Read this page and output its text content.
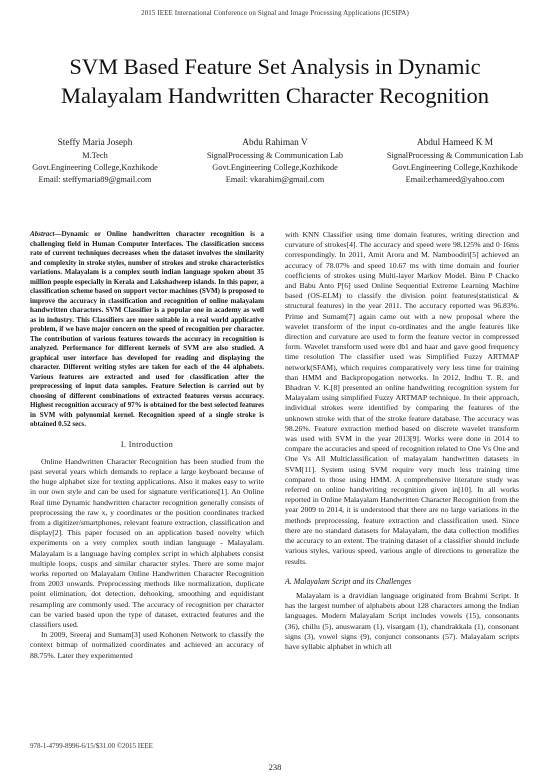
2015 IEEE International Conference on Signal and Image Processing Applications (ICSIPA)
SVM Based Feature Set Analysis in Dynamic Malayalam Handwritten Character Recognition
Steffy Maria Joseph
M.Tech
Govt.Engineering College,Kozhikode
Email: steffymaria89@gmail.com
Abdu Rahiman V
SignalProcessing & Communication Lab
Govt.Engineering College,Kozhikode
Email: vkarahim@gmail.com
Abdul Hameed K M
SignalProcessing & Communication Lab
Govt.Engineering College,Kozhikode
Email:erhameed@yahoo.com
Abstract—Dynamic or Online handwritten character recognition is a challenging field in Human Computer Interfaces. The classification success rate of current techniques decreases when the dataset involves the similarity and complexity in stroke styles, number of strokes and stroke characteristics variations. Malayalam is a complex south indian language spoken about 35 million people especially in Kerala and Lakshadweep islands. In this paper, a classification scheme based on support vector machines (SVM) is proposed to improve the accuracy in classification and recognition of online malayalam handwritten characters. SVM Classifier is a popular one in academy as well as in industry. This Classifiers are more suitable in a real world applicative problem, if we have major concern on the speed of recognition per character. The contribution of various features towards the accuracy in recognition is analyzed. Performance for different kernels of SVM are also studied. A graphical user interface has developed for reading and displaying the character. Different writing styles are taken for each of the 44 alphabets. Various features are extracted and used for classification after the preprocessing of input data samples. Feature Selection is carried out by choosing of different combinations of extracted features versus accuracy. Highest recognition accuracy of 97% is obtained for the best selected features in SVM with polynomial kernel. Recognition speed of a single stroke is obtained 0.52 secs.
I. Introduction

Online Handwritten Character Recognition has been studied from the past several years which demands to replace a large keyboard because of the huge alphabet size for texting applications. Also it makes easy to write in our own style and can be used for signature verifications[1]. An Online Real time Dynamic handwritten character recognition generally consists of preprocessing the raw x, y coordinates or the position coordinates tracked from a digitizer/smartphones, relevant feature extraction, classification and display[2]. This paper focused on an application based novelty which experiments on a very complex south indian language - Malayalam. Malayalam is a language having complex script in which alphabets consist multiple loops, cusps and similar character styles. There are some major works reported on Malayalam Online Handwritten Character Recognition from 2003 onwards. Preprocessing methods like normalization, duplicate point elimination, dot detection, dehooking, smoothing and equidistant resampling are commonly used. The accuracy of recognition per character can be varied based upon the type of dataset, extracted features and the classifiers used.

In 2009, Sreeraj and Sumam[3] used Kohonen Network to classify the context bitmap of normalized coordinates and achieved an accuracy of 88.75%. Later they experimented

with KNN Classifier using time domain features, writing direction and curvature of strokes[4]. The accuracy and speed were 98.125% and 0·16ms correspondingly. In 2011, Amit Arora and M. Namboodiri[5] achieved an accuracy of 78.07% and speed 10.67 ms with time domain and fourier coefficients of strokes using Multi-layer Markov Model. Binu P Chacko and Babu Anto P[6] used Online Sequential Extreme Learning Machine based (OS-ELM) to classify the division point features(statistical & structural features) in the year 2011. The accuracy reported was 96.83%. Prime and Sumam[7] again came out with a new proposal where the wavelet transform of the input co-ordinates and the angle features like direction and curvature are used to form the feature vector in compressed form. Wavelet transform used were db1 and haar and gave good frequency time resolution The classifier used was Simplified Fuzzy ARTMAP network(SFAM), which requires comparatively very less time for training than HMM and Backpropogation networks. In 2012, Indhu T. R. and Bhadran V. K.[8] presented an online handwriting recognition system for Malayalam using simplified Fuzzy ARTMAP technique. In their approach, individual strokes were identified by comparing the features of the unknown stroke with that of the stroke feature database. The accuracy was 98.26%. Feature extraction method based on discrete wavelet transform was used with SVM in the year 2013[9]. Works were done in 2014 to compare the accuracies and speed of recognition related to One Vs One and One Vs All Multiclassification of malayalam handwritten datasets in SVM[11]. System using SVM require very much less training time compared to those using HMM. A comprehensive literature study was referred on online handwriting recognition given in[10]. In all works reported in Online Malayalam Handwritten Character Recognition from the year 2009 to 2014, it is understood that there are no large variations in the methods preprocessing, feature extraction and classification used. Since there are no standard datasets for Malayalam, the data collection modifies the accuracy to an extent. The training dataset of a classifier should include various styles, various speed, various angle of directions to generalize the results.

A. Malayalam Script and its Challenges

Malayalam is a dravidian language originated from Brahmi Script. It has the largest number of alphabets about 128 characters among the Indian languages. Modern Malayalam Script includes vowels (15), consonants (36), chillu (5), anuswaram (1), visargam (1), chandrakkala (1), consonant signs (3), vowel signs (9), conjunct consonants (57). Malayalam scripts have syllabic alphabet in which all

978-1-4799-8996-6/15/$31.00 ©2015 IEEE
238
